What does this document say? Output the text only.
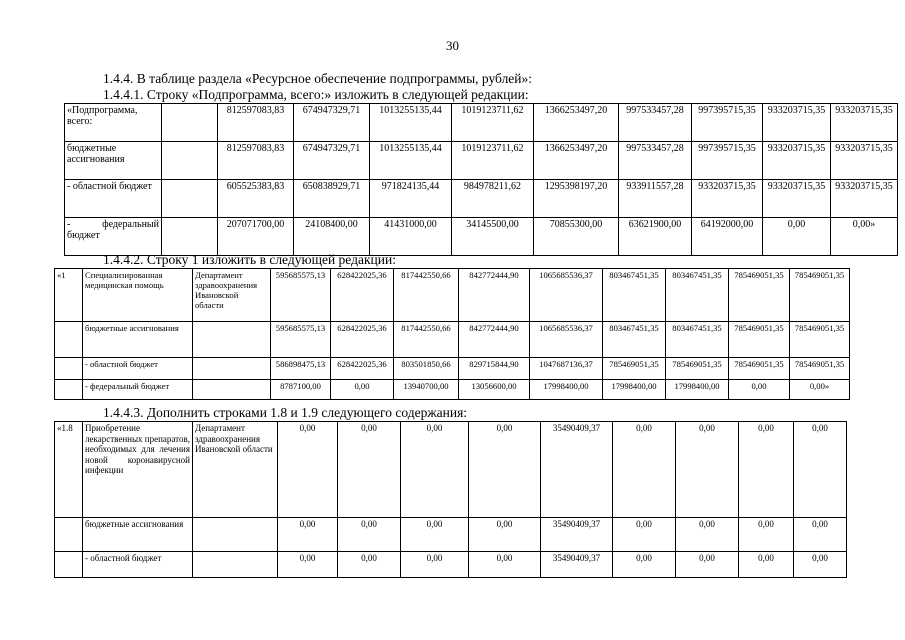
30
1.4.4. В таблице раздела «Ресурсное обеспечение подпрограммы, рублей»:
1.4.4.1. Строку «Подпрограмма, всего:» изложить в следующей редакции:
«Подпрограмма, всего:		812597083,83	674947329,71	1013255135,44	1019123711,62	1366253497,20	997533457,28	997395715,35	933203715,35	933203715,35
бюджетные ассигнования		812597083,83	674947329,71	1013255135,44	1019123711,62	1366253497,20	997533457,28	997395715,35	933203715,35	933203715,35
- областной бюджет		605525383,83	650838929,71	971824135,44	984978211,62	1295398197,20	933911557,28	933203715,35	933203715,35	933203715,35
- федеральный бюджет		207071700,00	24108400,00	41431000,00	34145500,00	70855300,00	63621900,00	64192000,00	0,00	0,00»
1.4.4.2. Строку 1 изложить в следующей редакции:
«1	Специализированная медицинская помощь	Департамент здравоохранения Ивановской области	595685575,13	628422025,36	817442550,66	842772444,90	1065685536,37	803467451,35	803467451,35	785469051,35	785469051,35
	бюджетные ассигнования		595685575,13	628422025,36	817442550,66	842772444,90	1065685536,37	803467451,35	803467451,35	785469051,35	785469051,35
	- областной бюджет		586898475,13	628422025,36	803501850,66	829715844,90	1047687136,37	785469051,35	785469051,35	785469051,35	785469051,35
	- федеральный бюджет		8787100,00	0,00	13940700,00	13056600,00	17998400,00	17998400,00	17998400,00	0,00	0,00»
1.4.4.3. Дополнить строками 1.8 и 1.9 следующего содержания:
«1.8	Приобретение лекарственных препаратов, необходимых для лечения новой коронавирусной инфекции	Департамент здравоохранения Ивановской области	0,00	0,00	0,00	0,00	35490409,37	0,00	0,00	0,00	0,00
	бюджетные ассигнования		0,00	0,00	0,00	0,00	35490409,37	0,00	0,00	0,00	0,00
	- областной бюджет		0,00	0,00	0,00	0,00	35490409,37	0,00	0,00	0,00	0,00
